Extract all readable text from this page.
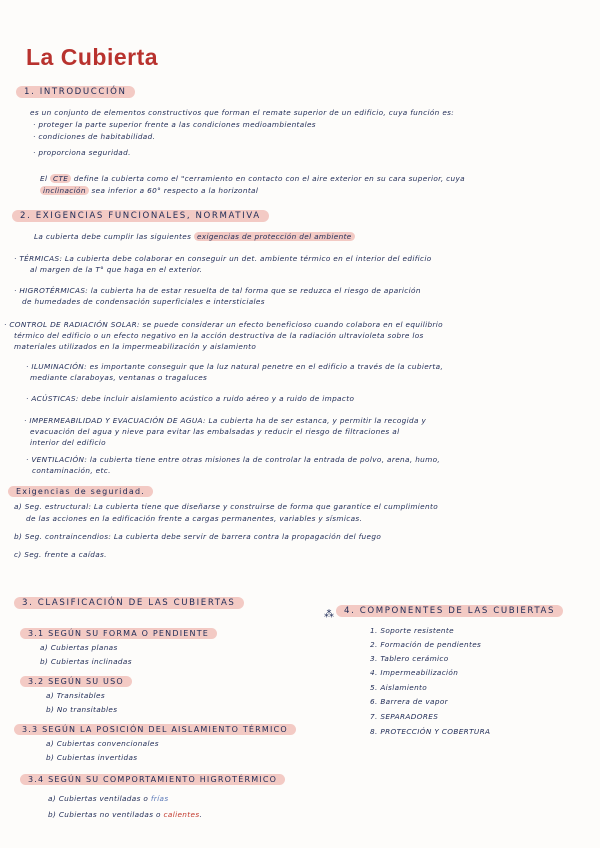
La Cubierta
1. INTRODUCCIÓN
es un conjunto de elementos constructivos que forman el remate superior de un edificio, cuya función es:
· proteger la parte superior frente a las condiciones medioambientales
· condiciones de habitabilidad.
· proporciona seguridad.
El CTE define la cubierta como el "cerramiento en contacto con el aire exterior en su cara superior, cuya
inclinación sea inferior a 60° respecto a la horizontal
2. EXIGENCIAS FUNCIONALES, NORMATIVA
La cubierta debe cumplir las siguientes exigencias de protección del ambiente
· TÉRMICAS: La cubierta debe colaborar en conseguir un det. ambiente térmico en el interior del edificio
al margen de la T° que haga en el exterior.
· HIGROTÉRMICAS: la cubierta ha de estar resuelta de tal forma que se reduzca el riesgo de aparición
de humedades de condensación superficiales e intersticiales
· CONTROL DE RADIACIÓN SOLAR: se puede considerar un efecto beneficioso cuando colabora en el equilibrio
térmico del edificio o un efecto negativo en la acción destructiva de la radiación ultravioleta sobre los
materiales utilizados en la impermeabilización y aislamiento
· ILUMINACIÓN: es importante conseguir que la luz natural penetre en el edificio a través de la cubierta,
mediante claraboyas, ventanas o tragaluces
· ACÚSTICAS: debe incluir aislamiento acústico a ruido aéreo y a ruido de impacto
· IMPERMEABILIDAD Y EVACUACIÓN DE AGUA: La cubierta ha de ser estanca, y permitir la recogida y
evacuación del agua y nieve para evitar las embalsadas y reducir el riesgo de filtraciones al
interior del edificio
· VENTILACIÓN: la cubierta tiene entre otras misiones la de controlar la entrada de polvo, arena, humo,
contaminación, etc.
Exigencias de seguridad.
a) Seg. estructural: La cubierta tiene que diseñarse y construirse de forma que garantice el cumplimiento
de las acciones en la edificación frente a cargas permanentes, variables y sísmicas.
b) Seg. contraincendios: La cubierta debe servir de barrera contra la propagación del fuego
c) Seg. frente a caídas.
3. CLASIFICACIÓN DE LAS CUBIERTAS
3.1 SEGÚN SU FORMA O PENDIENTE
a) Cubiertas planas
b) Cubiertas inclinadas
3.2 SEGÚN SU USO
a) Transitables
b) No transitables
3.3 SEGÚN LA POSICIÓN DEL AISLAMIENTO TÉRMICO
a) Cubiertas convencionales
b) Cubiertas invertidas
3.4 SEGÚN SU COMPORTAMIENTO HIGROTÉRMICO
a) Cubiertas ventiladas o frías
b) Cubiertas no ventiladas o calientes.
⁂	4. COMPONENTES DE LAS CUBIERTAS
1. Soporte resistente
2. Formación de pendientes
3. Tablero cerámico
4. Impermeabilización
5. Aislamiento
6. Barrera de vapor
7. SEPARADORES
8. PROTECCIÓN Y COBERTURA
